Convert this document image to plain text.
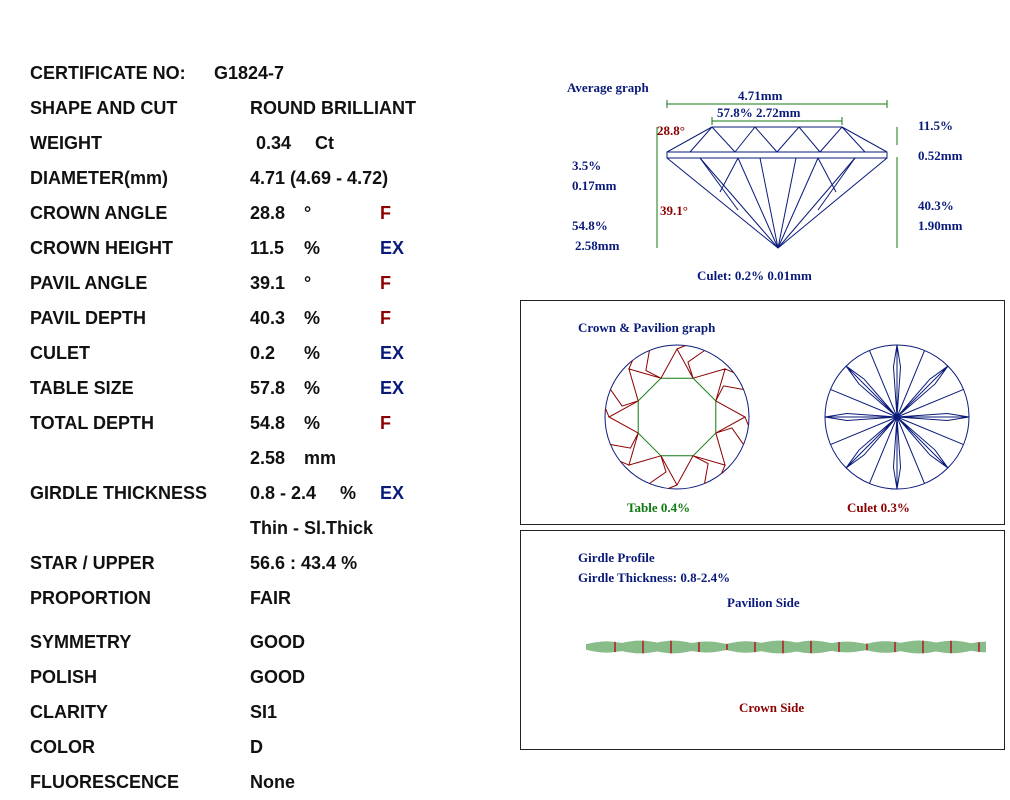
CERTIFICATE NO: G1824-7
SHAPE AND CUT	ROUND BRILLIANT
WEIGHT	0.34 Ct
DIAMETER(mm)	4.71 (4.69 - 4.72)
CROWN ANGLE	28.8 °	F
CROWN HEIGHT	11.5 %	EX
PAVIL ANGLE	39.1 °	F
PAVIL DEPTH	40.3 %	F
CULET	0.2 %	EX
TABLE SIZE	57.8 %	EX
TOTAL DEPTH	54.8 %	F
2.58 mm
GIRDLE THICKNESS 0.8 - 2.4 % EX
Thin - Sl.Thick
STAR / UPPER	56.6 : 43.4 %
PROPORTION	FAIR
SYMMETRY	GOOD
POLISH	GOOD
CLARITY	SI1
COLOR	D
FLUORESCENCE	None
Average graph
4.71mm
57.8% 2.72mm
28.8°	11.5%
0.52mm
3.5%
0.17mm
39.1°
54.8%
2.58mm
40.3%
1.90mm
Culet: 0.2% 0.01mm
Crown & Pavilion graph
Table 0.4%	Culet 0.3%
Girdle Profile
Girdle Thickness: 0.8-2.4%
Pavilion Side
Crown Side
